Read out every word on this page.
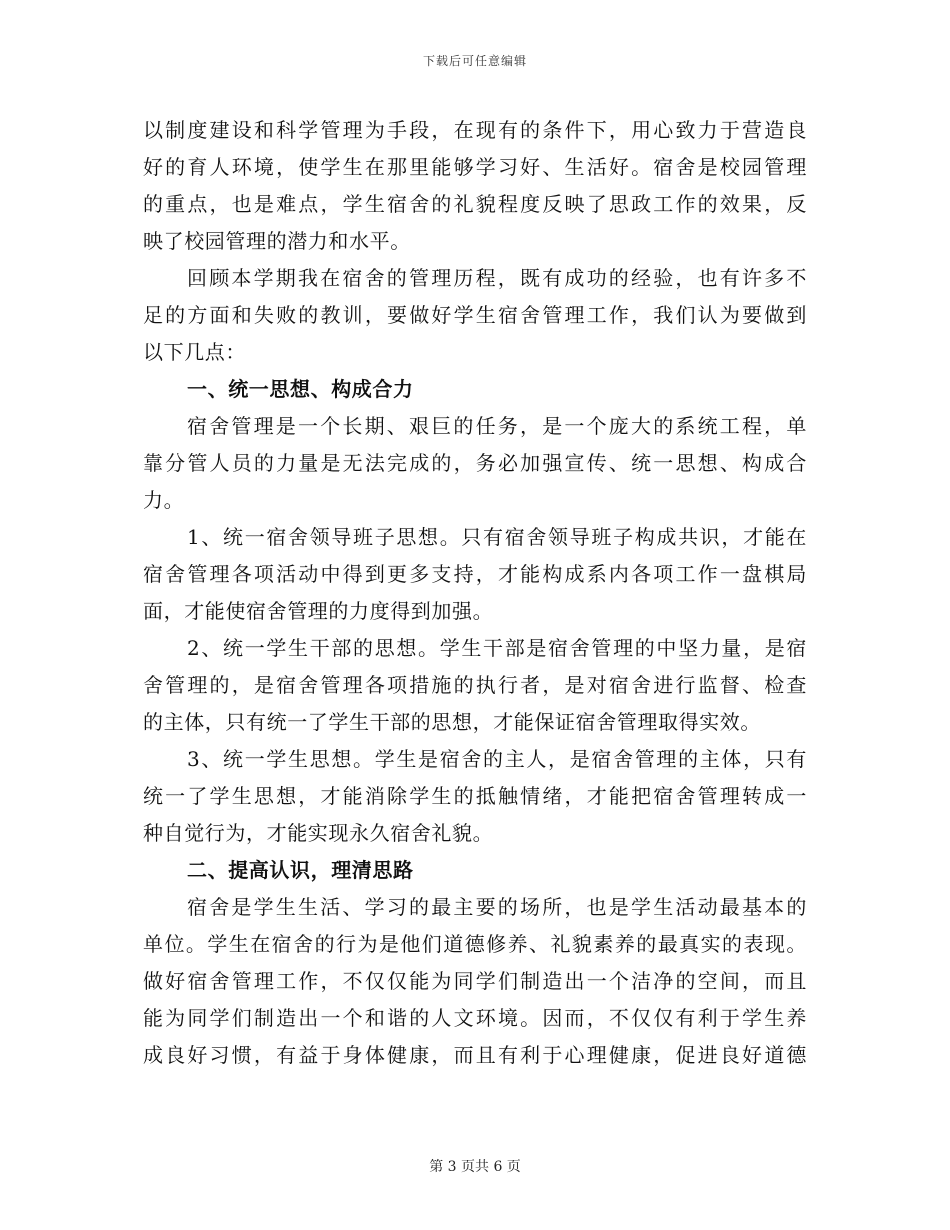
下载后可任意编辑
以制度建设和科学管理为手段，在现有的条件下，用心致力于营造良
好的育人环境，使学生在那里能够学习好、生活好。宿舍是校园管理
的重点，也是难点，学生宿舍的礼貌程度反映了思政工作的效果，反
映了校园管理的潜力和水平。
回顾本学期我在宿舍的管理历程，既有成功的经验，也有许多不
足的方面和失败的教训，要做好学生宿舍管理工作，我们认为要做到
以下几点：
一、统一思想、构成合力
宿舍管理是一个长期、艰巨的任务，是一个庞大的系统工程，单
靠分管人员的力量是无法完成的，务必加强宣传、统一思想、构成合
力。
1、统一宿舍领导班子思想。只有宿舍领导班子构成共识，才能在
宿舍管理各项活动中得到更多支持，才能构成系内各项工作一盘棋局
面，才能使宿舍管理的力度得到加强。
2、统一学生干部的思想。学生干部是宿舍管理的中坚力量，是宿
舍管理的，是宿舍管理各项措施的执行者，是对宿舍进行监督、检查
的主体，只有统一了学生干部的思想，才能保证宿舍管理取得实效。
3、统一学生思想。学生是宿舍的主人，是宿舍管理的主体，只有
统一了学生思想，才能消除学生的抵触情绪，才能把宿舍管理转成一
种自觉行为，才能实现永久宿舍礼貌。
二、提高认识，理清思路
宿舍是学生生活、学习的最主要的场所，也是学生活动最基本的
单位。学生在宿舍的行为是他们道德修养、礼貌素养的最真实的表现。
做好宿舍管理工作，不仅仅能为同学们制造出一个洁净的空间，而且
能为同学们制造出一个和谐的人文环境。因而，不仅仅有利于学生养
成良好习惯，有益于身体健康，而且有利于心理健康，促进良好道德
第 3 页共 6 页
